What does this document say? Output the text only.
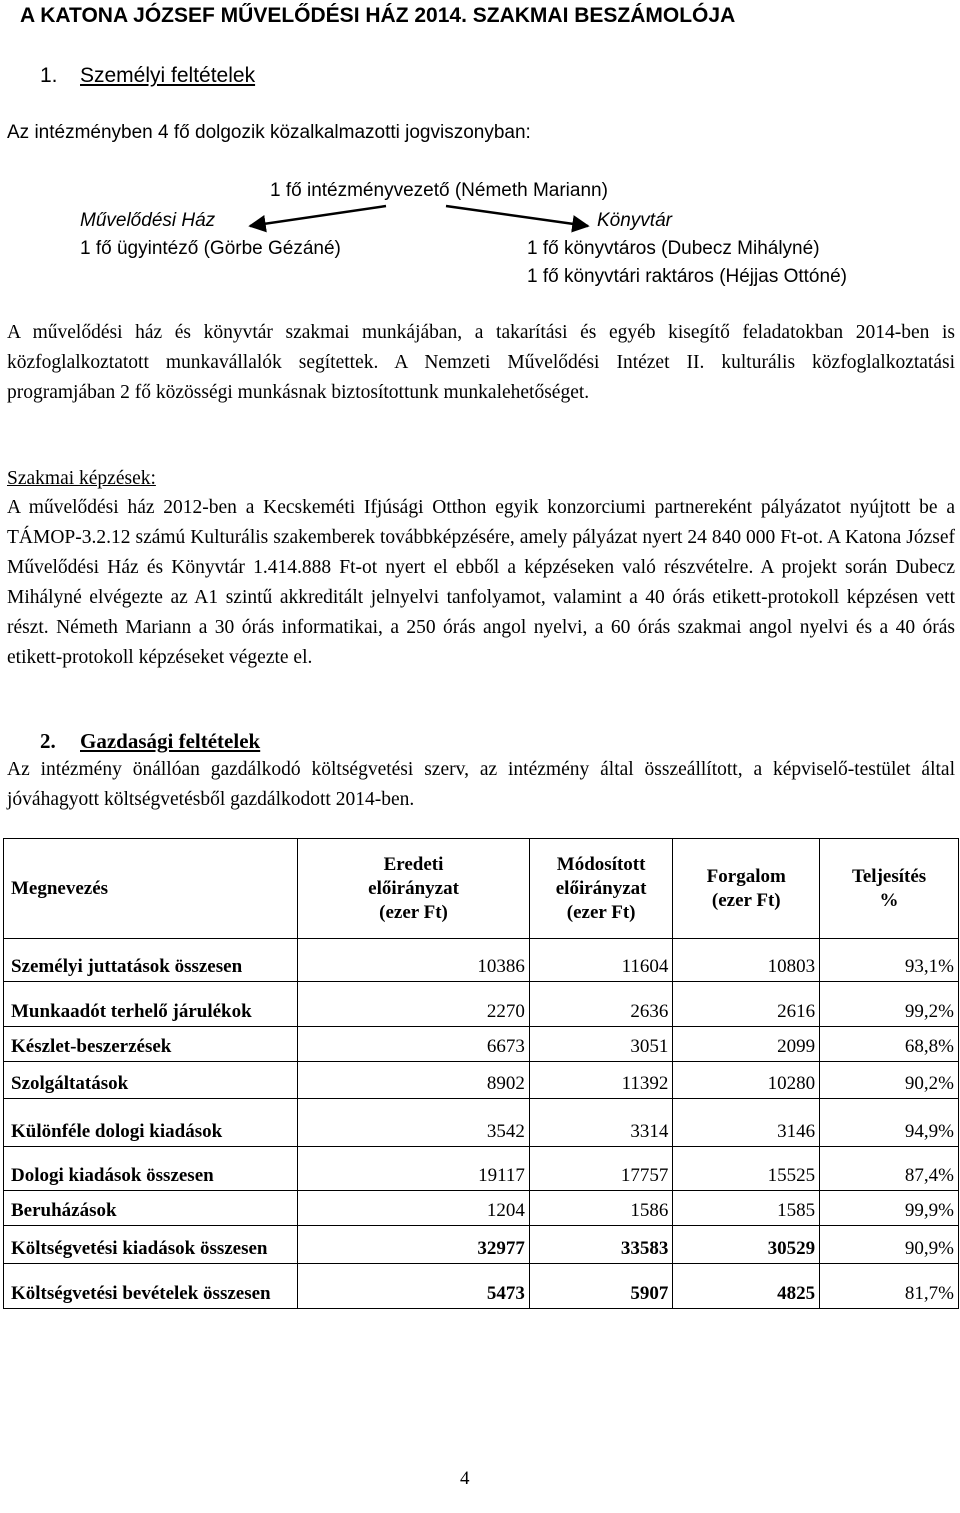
A KATONA JÓZSEF MŰVELŐDÉSI HÁZ 2014. SZAKMAI BESZÁMOLÓJA
1. Személyi feltételek
Az intézményben 4 fő dolgozik közalkalmazotti jogviszonyban:
1 fő intézményvezető (Németh Mariann)
Művelődési Ház	Könyvtár
1 fő ügyintéző (Görbe Gézáné)	1 fő könyvtáros (Dubecz Mihályné)
1 fő könyvtári raktáros (Héjjas Ottóné)
A művelődési ház és könyvtár szakmai munkájában, a takarítási és egyéb kisegítő feladatokban 2014-ben is közfoglalkoztatott munkavállalók segítettek. A Nemzeti Művelődési Intézet II. kulturális közfoglalkoztatási programjában 2 fő közösségi munkásnak biztosítottunk munkalehetőséget.
Szakmai képzések:
A művelődési ház 2012-ben a Kecskeméti Ifjúsági Otthon egyik konzorciumi partnereként pályázatot nyújtott be a TÁMOP-3.2.12 számú Kulturális szakemberek továbbképzésére, amely pályázat nyert 24 840 000 Ft-ot. A Katona József Művelődési Ház és Könyvtár 1.414.888 Ft-ot nyert el ebből a képzéseken való részvételre. A projekt során Dubecz Mihályné elvégezte az A1 szintű akkreditált jelnyelvi tanfolyamot, valamint a 40 órás etikett-protokoll képzésen vett részt. Németh Mariann a 30 órás informatikai, a 250 órás angol nyelvi, a 60 órás szakmai angol nyelvi és a 40 órás etikett-protokoll képzéseket végezte el.
2. Gazdasági feltételek
Az intézmény önállóan gazdálkodó költségvetési szerv, az intézmény által összeállított, a képviselő-testület által jóváhagyott költségvetésből gazdálkodott 2014-ben.
Megnevezés	Eredeti előirányzat (ezer Ft)	Módosított előirányzat (ezer Ft)	Forgalom (ezer Ft)	Teljesítés %
Személyi juttatások összesen	10386	11604	10803	93,1%
Munkaadót terhelő járulékok	2270	2636	2616	99,2%
Készlet-beszerzések	6673	3051	2099	68,8%
Szolgáltatások	8902	11392	10280	90,2%
Különféle dologi kiadások	3542	3314	3146	94,9%
Dologi kiadások összesen	19117	17757	15525	87,4%
Beruházások	1204	1586	1585	99,9%
Költségvetési kiadások összesen	32977	33583	30529	90,9%
Költségvetési bevételek összesen	5473	5907	4825	81,7%
4
